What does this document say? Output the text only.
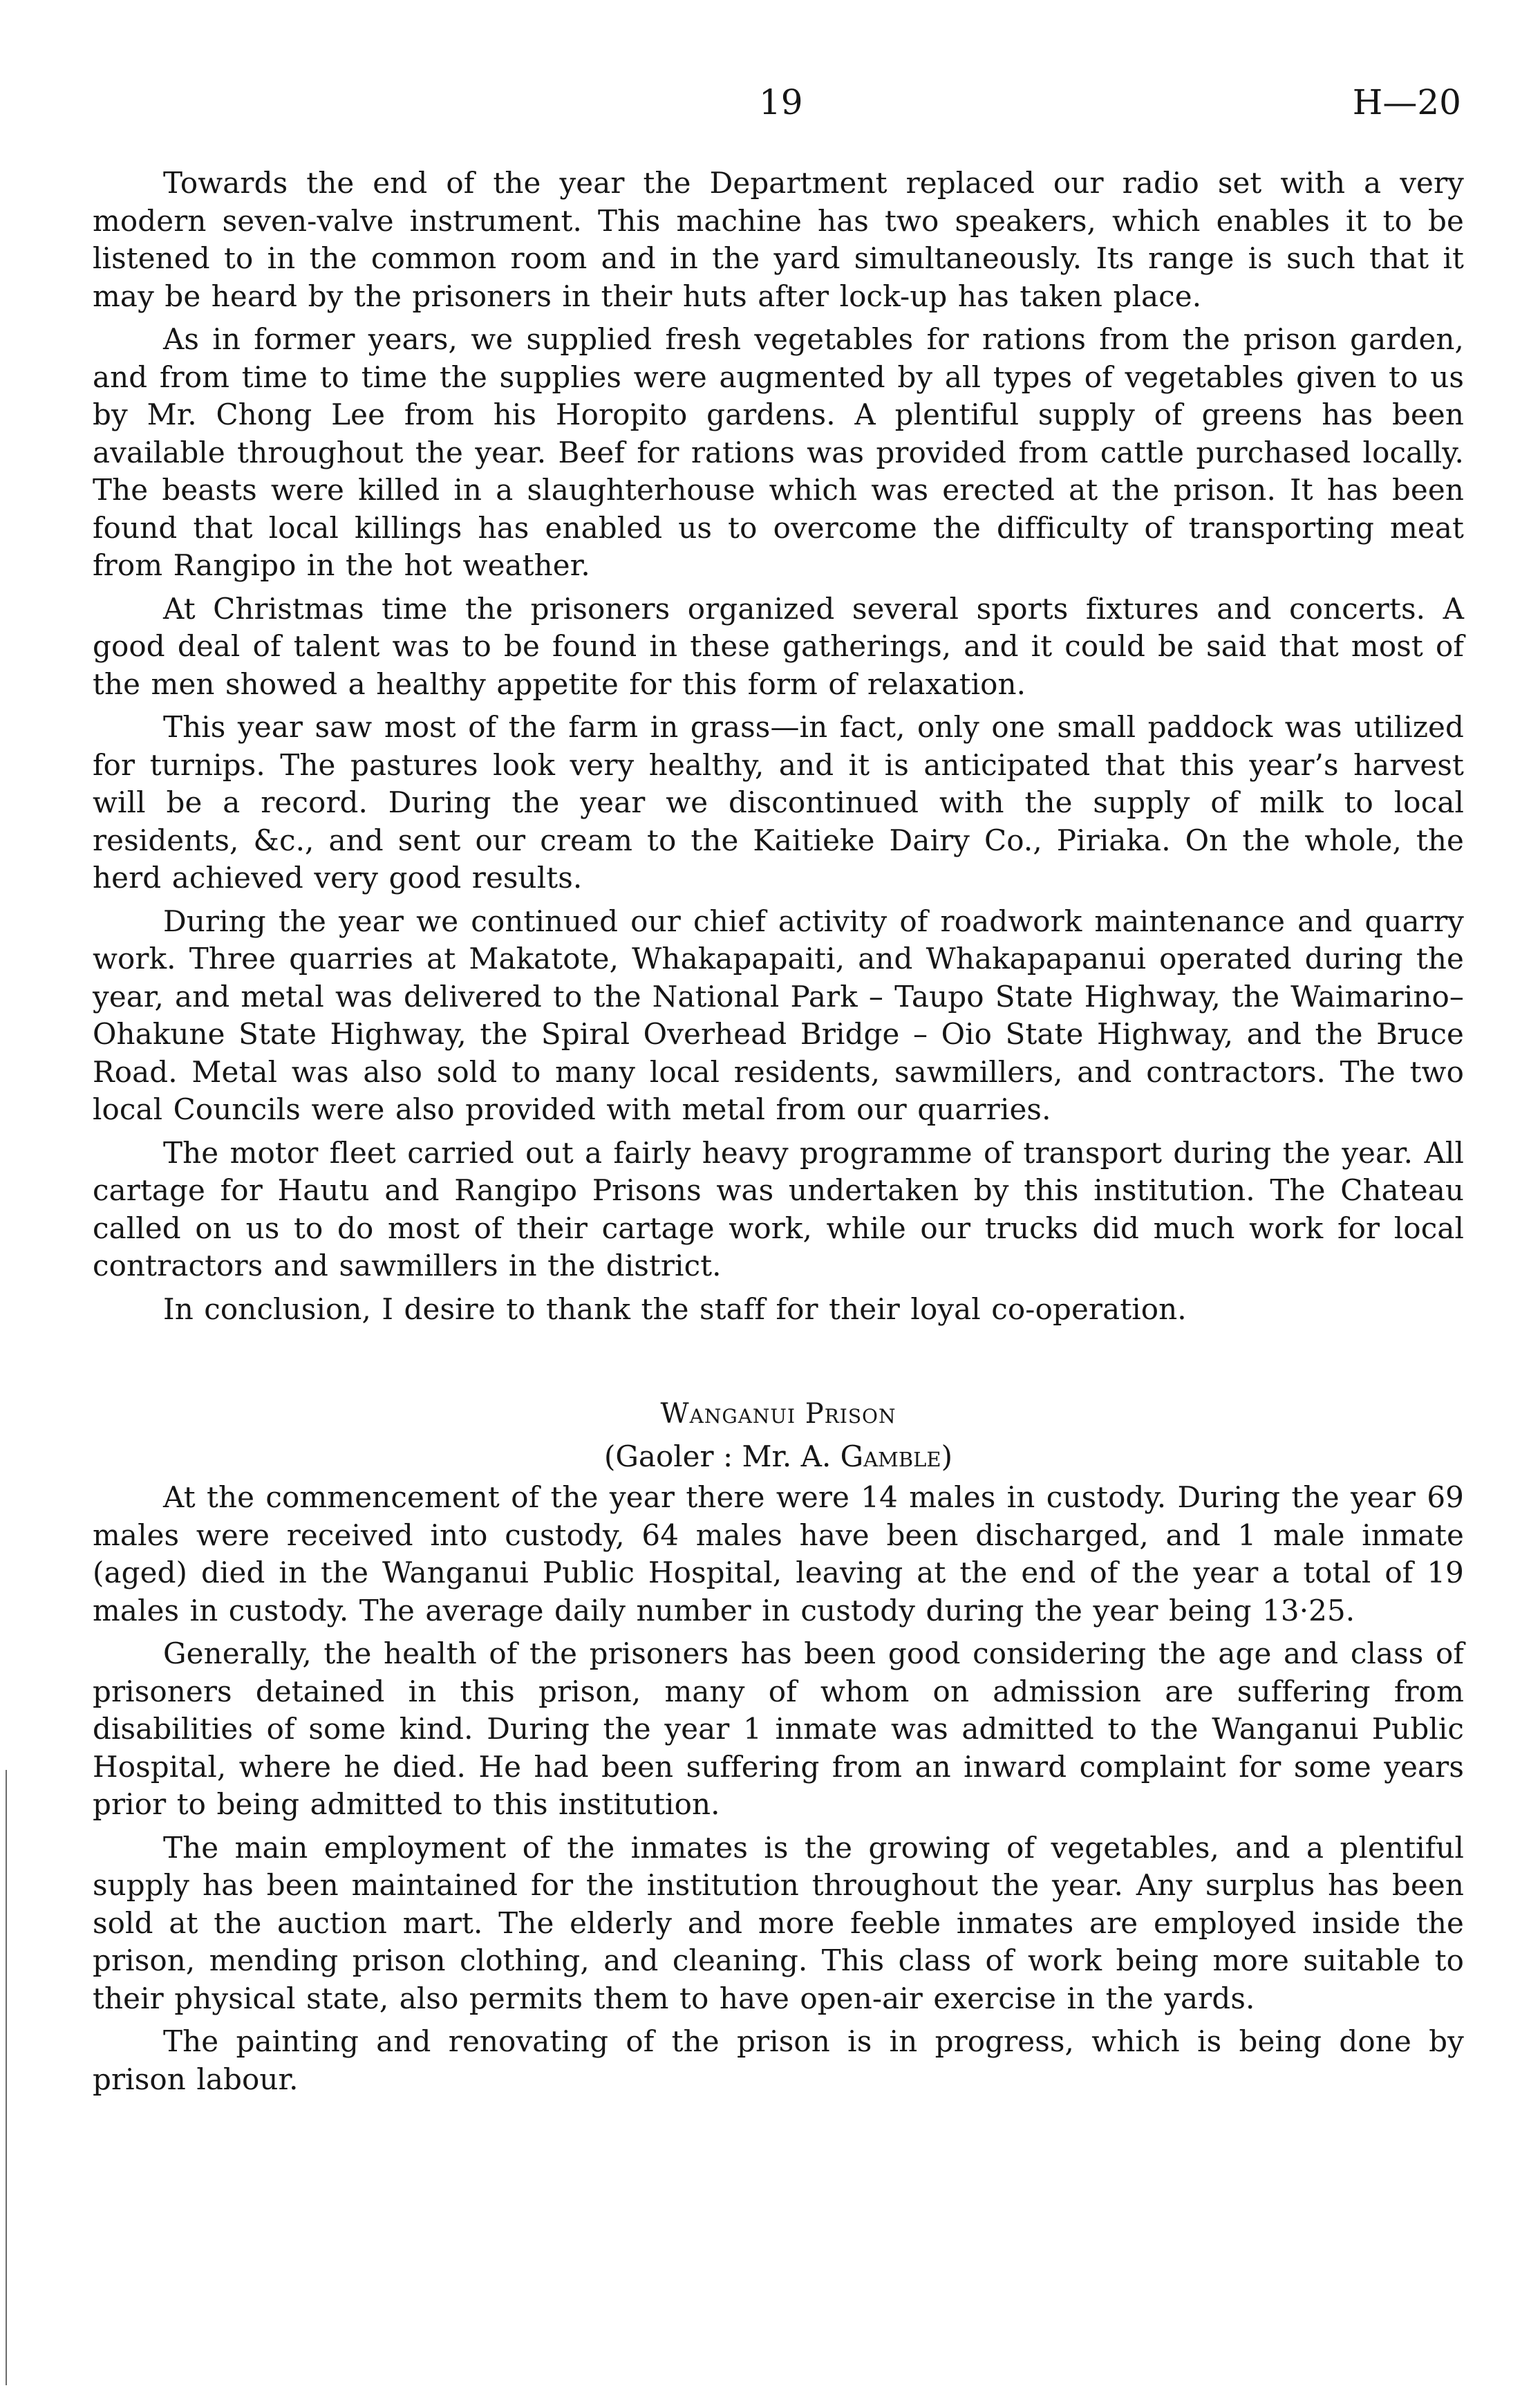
19	H—20

Towards the end of the year the Department replaced our radio set with a very modern seven-valve instrument. This machine has two speakers, which enables it to be listened to in the common room and in the yard simultaneously. Its range is such that it may be heard by the prisoners in their huts after lock-up has taken place.

As in former years, we supplied fresh vegetables for rations from the prison garden, and from time to time the supplies were augmented by all types of vegetables given to us by Mr. Chong Lee from his Horopito gardens. A plentiful supply of greens has been available throughout the year. Beef for rations was provided from cattle purchased locally. The beasts were killed in a slaughterhouse which was erected at the prison. It has been found that local killings has enabled us to overcome the difficulty of transporting meat from Rangipo in the hot weather.

At Christmas time the prisoners organized several sports fixtures and concerts. A good deal of talent was to be found in these gatherings, and it could be said that most of the men showed a healthy appetite for this form of relaxation.

This year saw most of the farm in grass—in fact, only one small paddock was utilized for turnips. The pastures look very healthy, and it is anticipated that this year’s harvest will be a record. During the year we discontinued with the supply of milk to local residents, &c., and sent our cream to the Kaitieke Dairy Co., Piriaka. On the whole, the herd achieved very good results.

During the year we continued our chief activity of roadwork maintenance and quarry work. Three quarries at Makatote, Whakapapaiti, and Whakapapanui operated during the year, and metal was delivered to the National Park – Taupo State Highway, the Waimarino–Ohakune State Highway, the Spiral Overhead Bridge – Oio State Highway, and the Bruce Road. Metal was also sold to many local residents, sawmillers, and contractors. The two local Councils were also provided with metal from our quarries.

The motor fleet carried out a fairly heavy programme of transport during the year. All cartage for Hautu and Rangipo Prisons was undertaken by this institution. The Chateau called on us to do most of their cartage work, while our trucks did much work for local contractors and sawmillers in the district.

In conclusion, I desire to thank the staff for their loyal co-operation.

Wanganui Prison
(Gaoler : Mr. A. Gamble)

At the commencement of the year there were 14 males in custody. During the year 69 males were received into custody, 64 males have been discharged, and 1 male inmate (aged) died in the Wanganui Public Hospital, leaving at the end of the year a total of 19 males in custody. The average daily number in custody during the year being 13·25.

Generally, the health of the prisoners has been good considering the age and class of prisoners detained in this prison, many of whom on admission are suffering from disabilities of some kind. During the year 1 inmate was admitted to the Wanganui Public Hospital, where he died. He had been suffering from an inward complaint for some years prior to being admitted to this institution.

The main employment of the inmates is the growing of vegetables, and a plentiful supply has been maintained for the institution throughout the year. Any surplus has been sold at the auction mart. The elderly and more feeble inmates are employed inside the prison, mending prison clothing, and cleaning. This class of work being more suitable to their physical state, also permits them to have open-air exercise in the yards.

The painting and renovating of the prison is in progress, which is being done by prison labour.
